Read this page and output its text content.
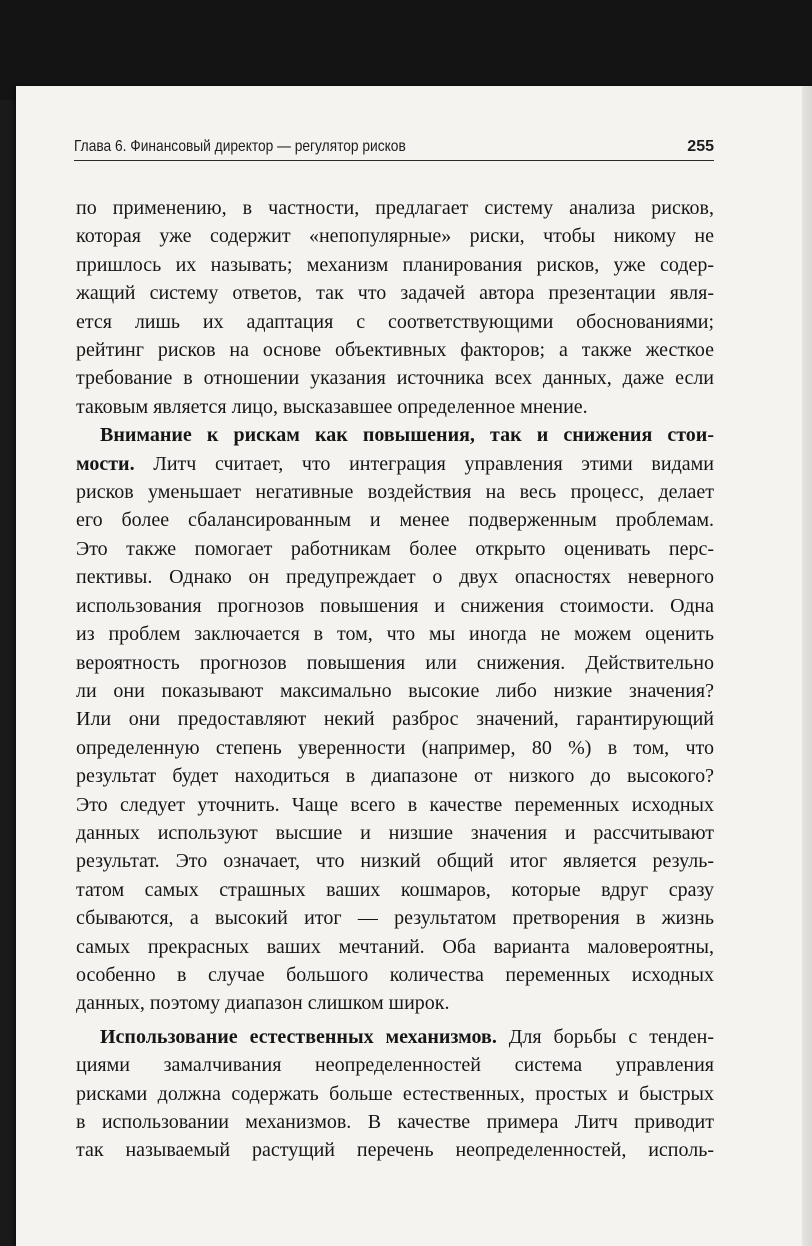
Глава 6. Финансовый директор — регулятор рисков	255

по применению, в частности, предлагает систему анализа рисков,
которая уже содержит «непопулярные» риски, чтобы никому не
пришлось их называть; механизм планирования рисков, уже содер-
жащий систему ответов, так что задачей автора презентации явля-
ется лишь их адаптация с соответствующими обоснованиями;
рейтинг рисков на основе объективных факторов; а также жесткое
требование в отношении указания источника всех данных, даже если

таковым является лицо, высказавшее определенное мнение.

Внимание к рискам как повышения, так и снижения стои-

мости. Литч считает, что интеграция управления этими видами

рисков уменьшает негативные воздействия на весь процесс, делает
его более сбалансированным и менее подверженным проблемам.
Это также помогает работникам более открыто оценивать перс-
пективы. Однако он предупреждает о двух опасностях неверного
использования прогнозов повышения и снижения стоимости. Одна
из проблем заключается в том, что мы иногда не можем оценить
вероятность прогнозов повышения или снижения. Действительно
ли они показывают максимально высокие либо низкие значения?
Или они предоставляют некий разброс значений, гарантирующий
определенную степень уверенности (например, 80 %) в том, что
результат будет находиться в диапазоне от низкого до высокого?
Это следует уточнить. Чаще всего в качестве переменных исходных
данных используют высшие и низшие значения и рассчитывают
результат. Это означает, что низкий общий итог является резуль-
татом самых страшных ваших кошмаров, которые вдруг сразу
сбываются, а высокий итог — результатом претворения в жизнь
самых прекрасных ваших мечтаний. Оба варианта маловероятны,
особенно в случае большого количества переменных исходных

данных, поэтому диапазон слишком широк.

Использование естественных механизмов. Для борьбы с тенден-

циями замалчивания неопределенностей система управления
рисками должна содержать больше естественных, простых и быстрых
в использовании механизмов. В качестве примера Литч приводит
так называемый растущий перечень неопределенностей, исполь-
